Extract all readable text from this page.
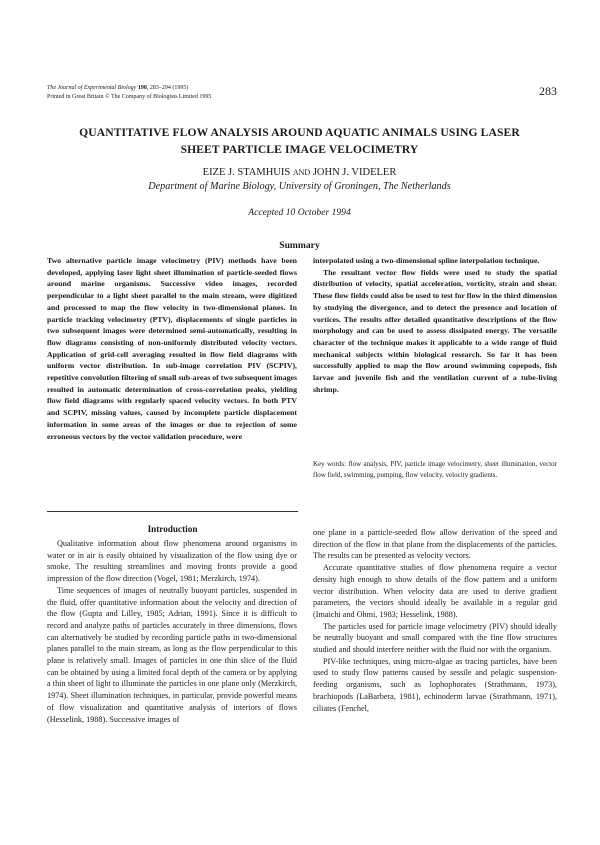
The Journal of Experimental Biology 198, 283–294 (1995)
Printed in Great Britain © The Company of Biologists Limited 1995	283
QUANTITATIVE FLOW ANALYSIS AROUND AQUATIC ANIMALS USING LASER
SHEET PARTICLE IMAGE VELOCIMETRY
EIZE J. STAMHUIS AND JOHN J. VIDELER
Department of Marine Biology, University of Groningen, The Netherlands
Accepted 10 October 1994
Summary

Two alternative particle image velocimetry (PIV) methods have been developed, applying laser light sheet illumination of particle-seeded flows around marine organisms. Successive video images, recorded perpendicular to a light sheet parallel to the main stream, were digitized and processed to map the flow velocity in two-dimensional planes. In particle tracking velocimetry (PTV), displacements of single particles in two subsequent images were determined semi-automatically, resulting in flow diagrams consisting of non-uniformly distributed velocity vectors. Application of grid-cell averaging resulted in flow field diagrams with uniform vector distribution. In sub-image correlation PIV (SCPIV), repetitive convolution filtering of small sub-areas of two subsequent images resulted in automatic determination of cross-correlation peaks, yielding flow field diagrams with regularly spaced velocity vectors. In both PTV and SCPIV, missing values, caused by incomplete particle displacement information in some areas of the images or due to rejection of some erroneous vectors by the vector validation procedure, were

interpolated using a two-dimensional spline interpolation technique.

The resultant vector flow fields were used to study the spatial distribution of velocity, spatial acceleration, vorticity, strain and shear. These flow fields could also be used to test for flow in the third dimension by studying the divergence, and to detect the presence and location of vortices. The results offer detailed quantitative descriptions of the flow morphology and can be used to assess dissipated energy. The versatile character of the technique makes it applicable to a wide range of fluid mechanical subjects within biological research. So far it has been successfully applied to map the flow around swimming copepods, fish larvae and juvenile fish and the ventilation current of a tube-living shrimp.

Key words: flow analysis, PIV, particle image velocimetry, sheet illumination, vector flow field, swimming, pumping, flow velocity, velocity gradients.
Introduction

Qualitative information about flow phenomena around organisms in water or in air is easily obtained by visualization of the flow using dye or smoke. The resulting streamlines and moving fronts provide a good impression of the flow direction (Vogel, 1981; Merzkirch, 1974).

Time sequences of images of neutrally buoyant particles, suspended in the fluid, offer quantitative information about the velocity and direction of the flow (Gupta and Lilley, 1985; Adrian, 1991). Since it is difficult to record and analyze paths of particles accurately in three dimensions, flows can alternatively be studied by recording particle paths in two-dimensional planes parallel to the main stream, as long as the flow perpendicular to this plane is relatively small. Images of particles in one thin slice of the fluid can be obtained by using a limited focal depth of the camera or by applying a thin sheet of light to illuminate the particles in one plane only (Merzkirch, 1974). Sheet illumination techniques, in particular, provide powerful means of flow visualization and quantitative analysis of interiors of flows (Hesselink, 1988). Successive images of

one plane in a particle-seeded flow allow derivation of the speed and direction of the flow in that plane from the displacements of the particles. The results can be presented as velocity vectors.

Accurate quantitative studies of flow phenomena require a vector density high enough to show details of the flow pattern and a uniform vector distribution. When velocity data are used to derive gradient parameters, the vectors should ideally be available in a regular grid (Imaichi and Ohmi, 1983; Hesselink, 1988).

The particles used for particle image velocimetry (PIV) should ideally be neutrally buoyant and small compared with the fine flow structures studied and should interfere neither with the fluid nor with the organism.

PIV-like techniques, using micro-algae as tracing particles, have been used to study flow patterns caused by sessile and pelagic suspension-feeding organisms, such as lophophorates (Strathmann, 1973), brachiopods (LaBarbera, 1981), echinoderm larvae (Strathmann, 1971), ciliates (Fenchel,
